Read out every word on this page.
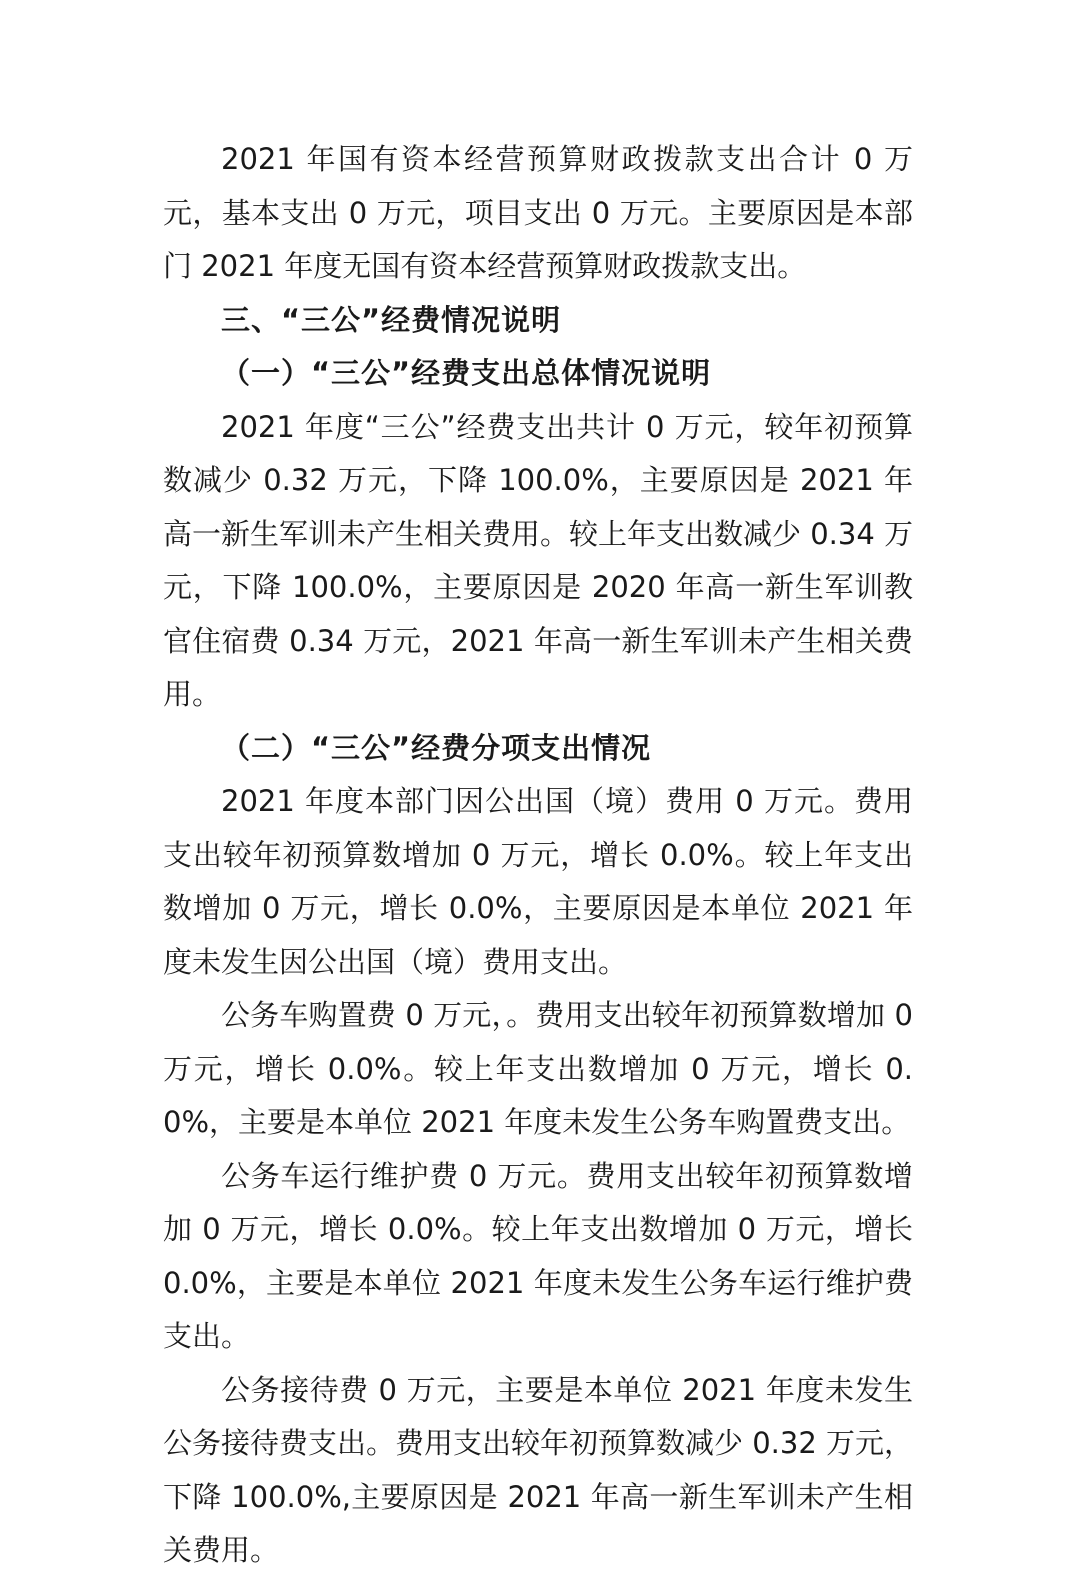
2021 年国有资本经营预算财政拨款支出合计 0 万元，基本支出 0 万元，项目支出 0 万元。主要原因是本部门 2021 年度无国有资本经营预算财政拨款支出。

三、“三公”经费情况说明

（一）“三公”经费支出总体情况说明

2021 年度“三公”经费支出共计 0 万元，较年初预算数减少 0.32 万元，下降 100.0%，主要原因是 2021 年高一新生军训未产生相关费用。较上年支出数减少 0.34 万元，下降 100.0%，主要原因是 2020 年高一新生军训教官住宿费 0.34 万元，2021 年高一新生军训未产生相关费用。

（二）“三公”经费分项支出情况

2021 年度本部门因公出国（境）费用 0 万元。费用支出较年初预算数增加 0 万元，增长 0.0%。较上年支出数增加 0 万元，增长 0.0%，主要原因是本单位 2021 年度未发生因公出国（境）费用支出。

公务车购置费 0 万元，。费用支出较年初预算数增加 0 万元，增长 0.0%。较上年支出数增加 0 万元，增长 0.0%，主要是本单位 2021 年度未发生公务车购置费支出。

公务车运行维护费 0 万元。费用支出较年初预算数增加 0 万元，增长 0.0%。较上年支出数增加 0 万元，增长 0.0%，主要是本单位 2021 年度未发生公务车运行维护费支出。

公务接待费 0 万元，主要是本单位 2021 年度未发生公务接待费支出。费用支出较年初预算数减少 0.32 万元，下降 100.0%,主要原因是 2021 年高一新生军训未产生相关费用。
